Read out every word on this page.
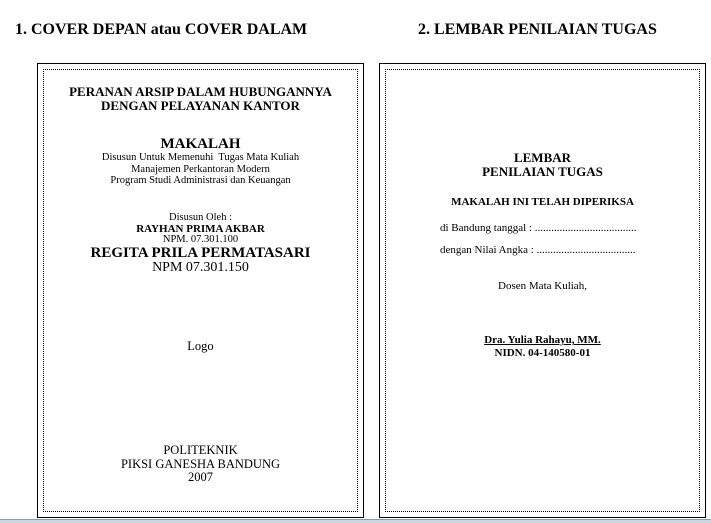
1. COVER DEPAN atau COVER DALAM	2. LEMBAR PENILAIAN TUGAS
PERANAN ARSIP DALAM HUBUNGANNYA
DENGAN PELAYANAN KANTOR
MAKALAH
Disusun Untuk Memenuhi  Tugas Mata Kuliah
Manajemen Perkantoran Modern
Program Studi Administrasi dan Keuangan
Disusun Oleh :
RAYHAN PRIMA AKBAR
NPM. 07.301.100
REGITA PRILA PERMATASARI
NPM 07.301.150
Logo
POLITEKNIK
PIKSI GANESHA BANDUNG
2007
LEMBAR
PENILAIAN TUGAS
MAKALAH INI TELAH DIPERIKSA
di Bandung tanggal : .....................................
dengan Nilai Angka : ....................................
Dosen Mata Kuliah,
Dra. Yulia Rahayu, MM.
NIDN. 04-140580-01
